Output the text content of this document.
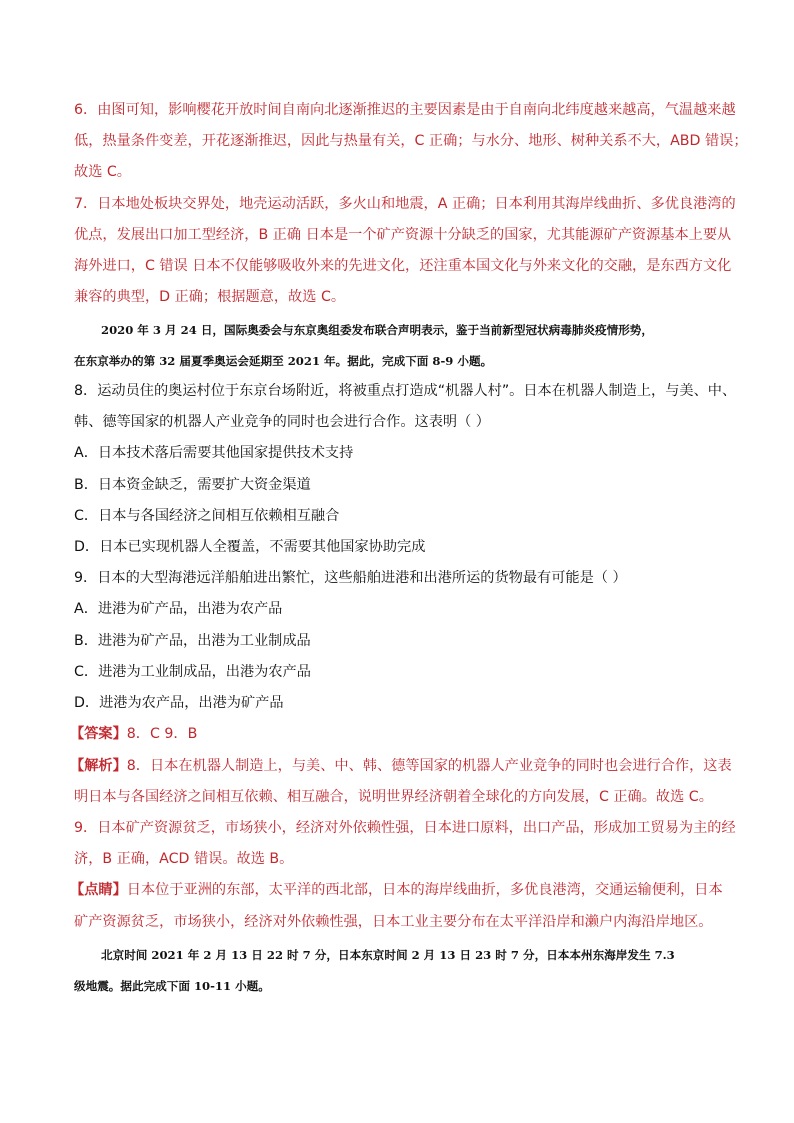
6．由图可知，影响樱花开放时间自南向北逐渐推迟的主要因素是由于自南向北纬度越来越高，气温越来越
低，热量条件变差，开花逐渐推迟，因此与热量有关，C 正确；与水分、地形、树种关系不大，ABD 错误；
故选 C。
7．日本地处板块交界处，地壳运动活跃，多火山和地震，A 正确；日本利用其海岸线曲折、多优良港湾的
优点，发展出口加工型经济，B 正确 日本是一个矿产资源十分缺乏的国家，尤其能源矿产资源基本上要从
海外进口，C 错误 日本不仅能够吸收外来的先进文化，还注重本国文化与外来文化的交融，是东西方文化
兼容的典型，D 正确；根据题意，故选 C。
2020 年 3 月 24 日，国际奥委会与东京奥组委发布联合声明表示，鉴于当前新型冠状病毒肺炎疫情形势，
在东京举办的第 32 届夏季奥运会延期至 2021 年。据此，完成下面 8-9 小题。
8．运动员住的奥运村位于东京台场附近，将被重点打造成“机器人村”。日本在机器人制造上，与美、中、
韩、德等国家的机器人产业竞争的同时也会进行合作。这表明（ ）
A．日本技术落后需要其他国家提供技术支持
B．日本资金缺乏，需要扩大资金渠道
C．日本与各国经济之间相互依赖相互融合
D．日本已实现机器人全覆盖，不需要其他国家协助完成
9．日本的大型海港远洋船舶进出繁忙，这些船舶进港和出港所运的货物最有可能是（ ）
A．进港为矿产品，出港为农产品
B．进港为矿产品，出港为工业制成品
C．进港为工业制成品，出港为农产品
D．进港为农产品，出港为矿产品
【答案】8．C 9．B
【解析】8．日本在机器人制造上，与美、中、韩、德等国家的机器人产业竞争的同时也会进行合作，这表
明日本与各国经济之间相互依赖、相互融合，说明世界经济朝着全球化的方向发展，C 正确。故选 C。
9．日本矿产资源贫乏，市场狭小，经济对外依赖性强，日本进口原料，出口产品，形成加工贸易为主的经
济，B 正确，ACD 错误。故选 B。
【点睛】日本位于亚洲的东部，太平洋的西北部，日本的海岸线曲折，多优良港湾，交通运输便利，日本
矿产资源贫乏，市场狭小，经济对外依赖性强，日本工业主要分布在太平洋沿岸和濑户内海沿岸地区。
北京时间 2021 年 2 月 13 日 22 时 7 分，日本东京时间 2 月 13 日 23 时 7 分，日本本州东海岸发生 7.3
级地震。据此完成下面 10-11 小题。
